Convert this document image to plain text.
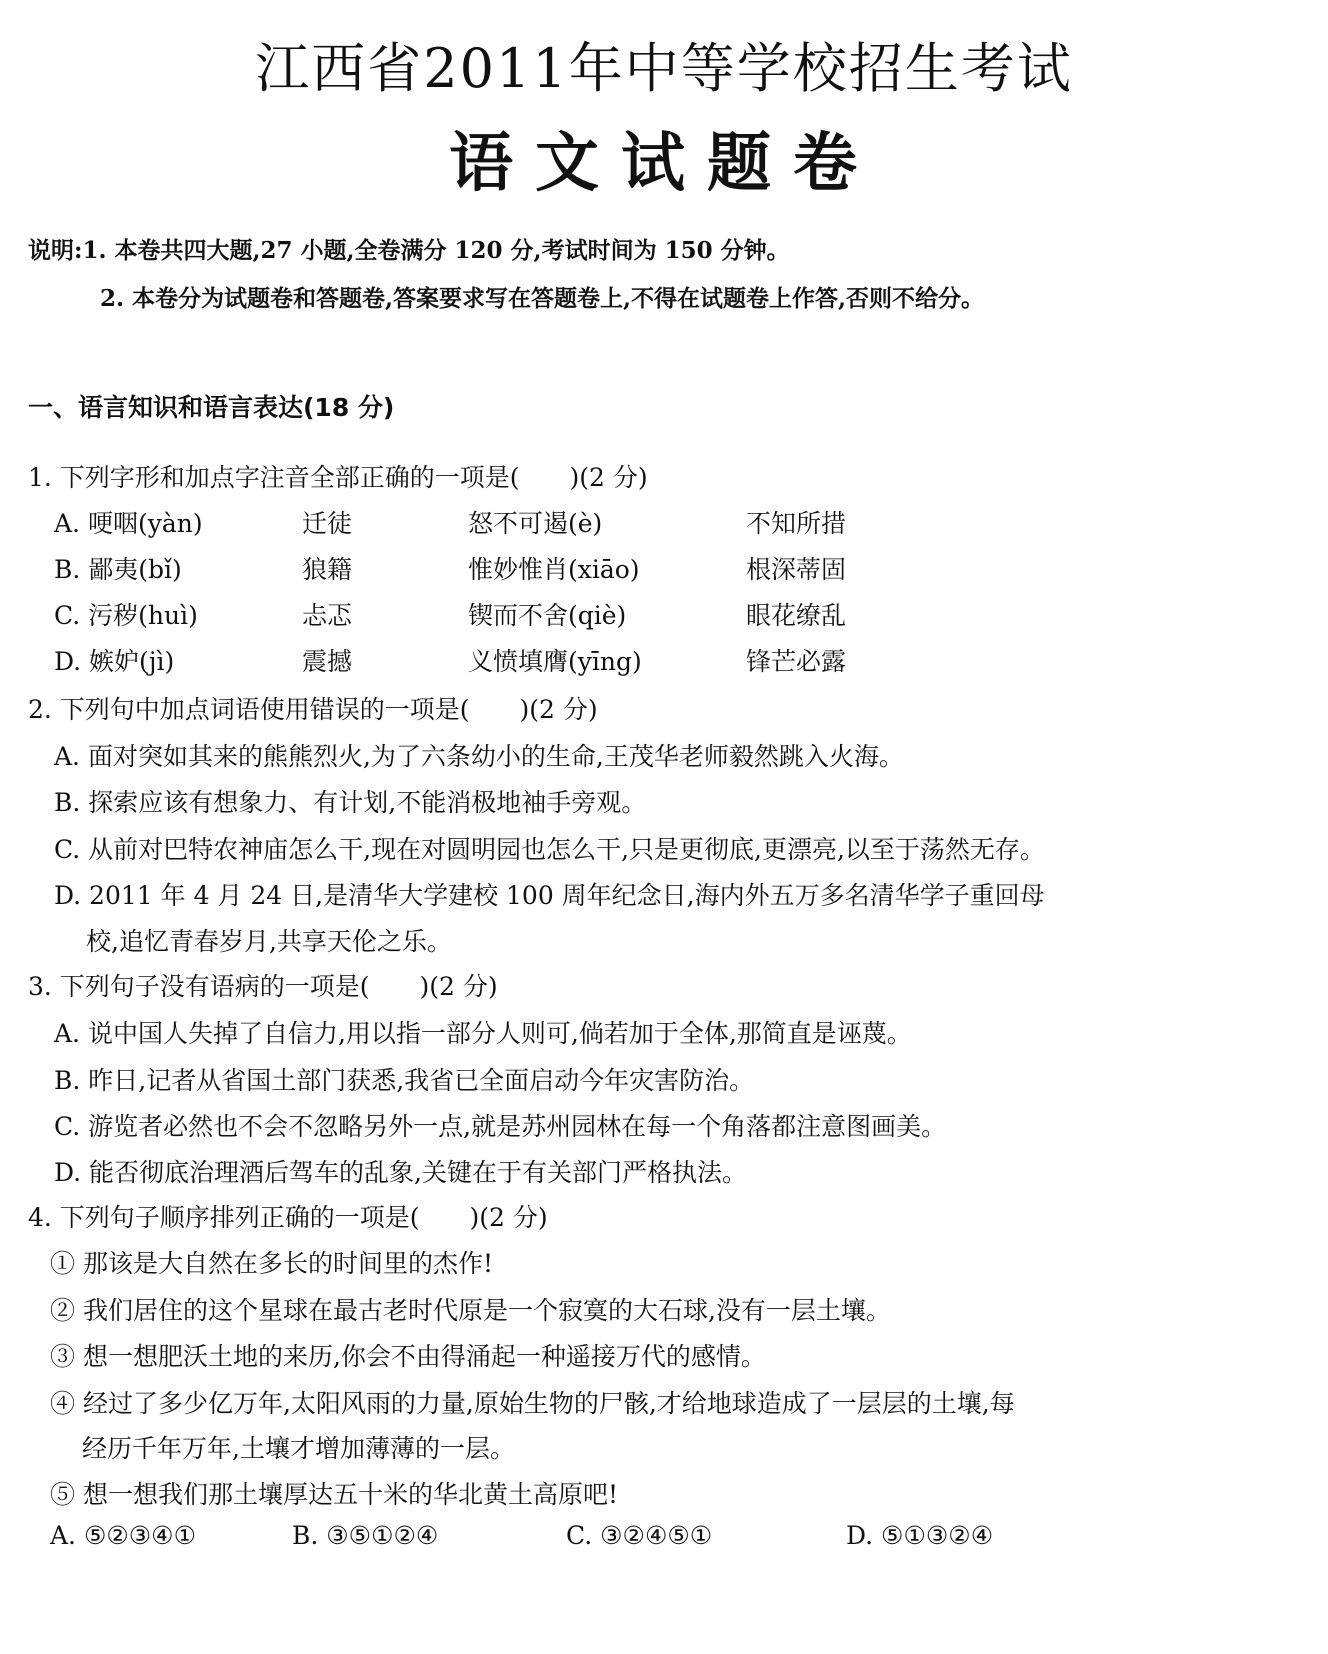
江西省2011年中等学校招生考试
语文试题卷
说明:1. 本卷共四大题,27 小题,全卷满分 120 分,考试时间为 150 分钟。
2. 本卷分为试题卷和答题卷,答案要求写在答题卷上,不得在试题卷上作答,否则不给分。
一、语言知识和语言表达(18 分)
1. 下列字形和加点字注音全部正确的一项是(　　)(2 分)
A. 哽咽(yàn)	迁徒	怒不可遏(è)	不知所措
B. 鄙夷(bǐ)	狼籍	惟妙惟肖(xiāo)	根深蒂固
C. 污秽(huì)	忐忑	锲而不舍(qiè)	眼花缭乱
D. 嫉妒(jì)	震撼	义愤填膺(yīng)	锋芒必露
2. 下列句中加点词语使用错误的一项是(　　)(2 分)
A. 面对突如其来的熊熊烈火,为了六条幼小的生命,王茂华老师毅然跳入火海。
B. 探索应该有想象力、有计划,不能消极地袖手旁观。
C. 从前对巴特农神庙怎么干,现在对圆明园也怎么干,只是更彻底,更漂亮,以至于荡然无存。
D. 2011 年 4 月 24 日,是清华大学建校 100 周年纪念日,海内外五万多名清华学子重回母
校,追忆青春岁月,共享天伦之乐。
3. 下列句子没有语病的一项是(　　)(2 分)
A. 说中国人失掉了自信力,用以指一部分人则可,倘若加于全体,那简直是诬蔑。
B. 昨日,记者从省国土部门获悉,我省已全面启动今年灾害防治。
C. 游览者必然也不会不忽略另外一点,就是苏州园林在每一个角落都注意图画美。
D. 能否彻底治理酒后驾车的乱象,关键在于有关部门严格执法。
4. 下列句子顺序排列正确的一项是(　　)(2 分)
① 那该是大自然在多长的时间里的杰作!
② 我们居住的这个星球在最古老时代原是一个寂寞的大石球,没有一层土壤。
③ 想一想肥沃土地的来历,你会不由得涌起一种遥接万代的感情。
④ 经过了多少亿万年,太阳风雨的力量,原始生物的尸骸,才给地球造成了一层层的土壤,每
经历千年万年,土壤才增加薄薄的一层。
⑤ 想一想我们那土壤厚达五十米的华北黄土高原吧!
A. ⑤②③④①	B. ③⑤①②④	C. ③②④⑤①	D. ⑤①③②④
